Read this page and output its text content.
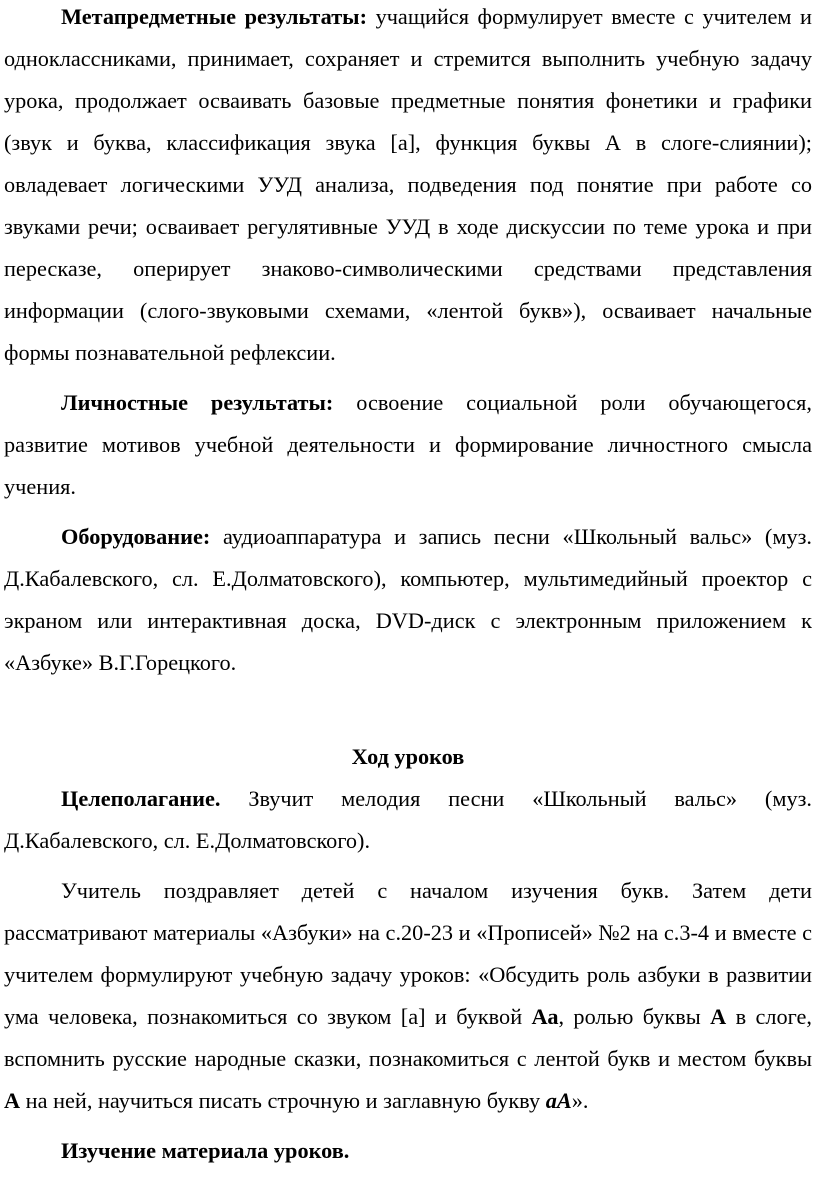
Метапредметные результаты: учащийся формулирует вместе с учителем и одноклассниками, принимает, сохраняет и стремится выполнить учебную задачу урока, продолжает осваивать базовые предметные понятия фонетики и графики (звук и буква, классификация звука [а], функция буквы А в слоге-слиянии); овладевает логическими УУД анализа, подведения под понятие при работе со звуками речи; осваивает регулятивные УУД в ходе дискуссии по теме урока и при пересказе, оперирует знаково-символическими средствами представления информации (слого-звуковыми схемами, «лентой букв»), осваивает начальные формы познавательной рефлексии.

Личностные результаты: освоение социальной роли обучающегося, развитие мотивов учебной деятельности и формирование личностного смысла учения.

Оборудование: аудиоаппаратура и запись песни «Школьный вальс» (муз. Д.Кабалевского, сл. Е.Долматовского), компьютер, мультимедийный проектор с экраном или интерактивная доска, DVD-диск с электронным приложением к «Азбуке» В.Г.Горецкого.

Ход уроков

Целеполагание. Звучит мелодия песни «Школьный вальс» (муз. Д.Кабалевского, сл. Е.Долматовского).

Учитель поздравляет детей с началом изучения букв. Затем дети рассматривают материалы «Азбуки» на с.20-23 и «Прописей» №2 на с.3-4 и вместе с учителем формулируют учебную задачу уроков: «Обсудить роль азбуки в развитии ума человека, познакомиться со звуком [а] и буквой Аа, ролью буквы А в слоге, вспомнить русские народные сказки, познакомиться с лентой букв и местом буквы А на ней, научиться писать строчную и заглавную букву аА».

Изучение материала уроков.
